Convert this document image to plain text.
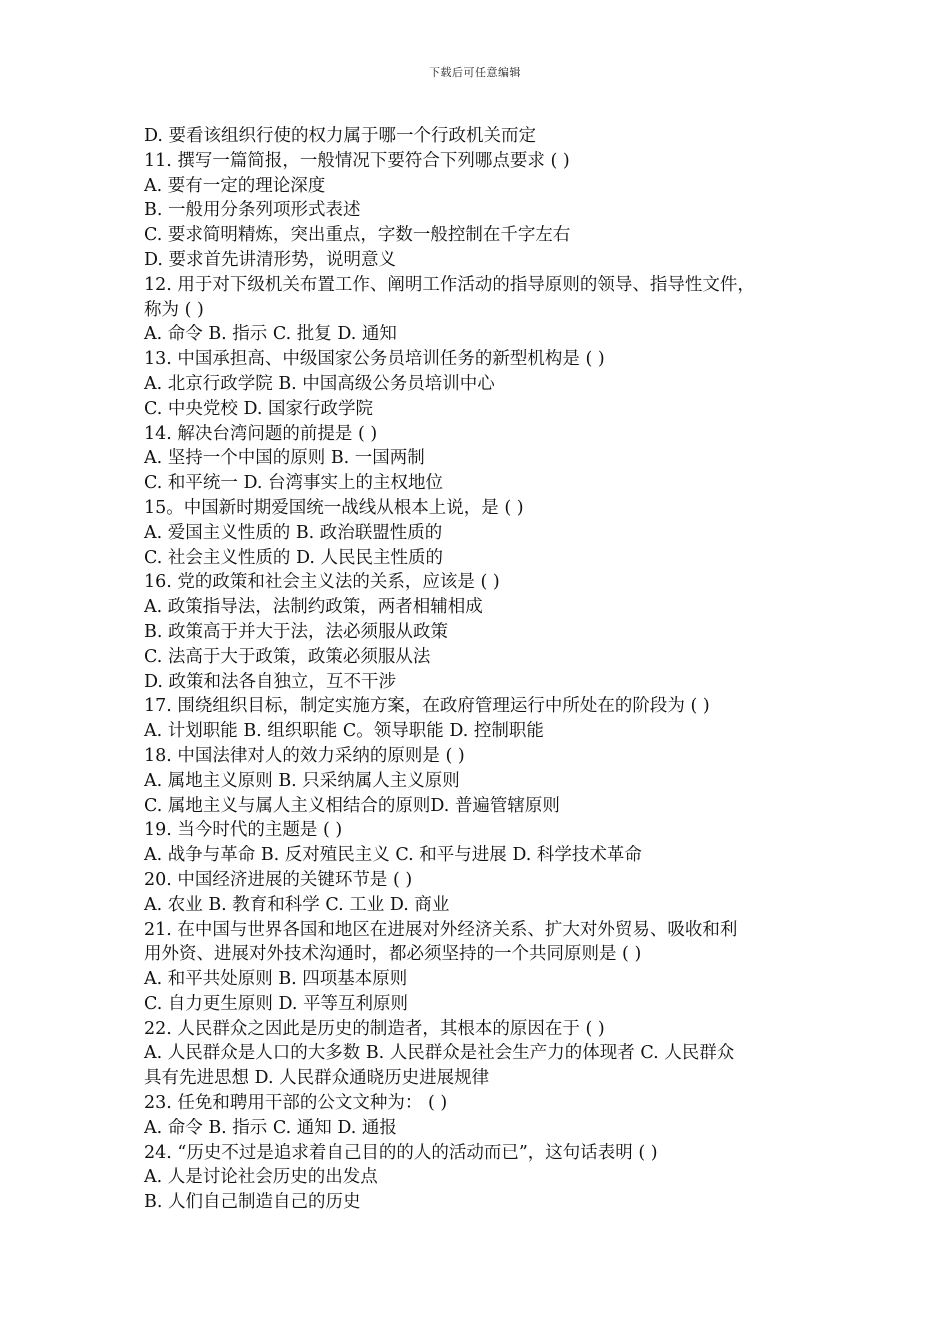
下载后可任意编辑
D. 要看该组织行使的权力属于哪一个行政机关而定
11. 撰写一篇简报，一般情况下要符合下列哪点要求 ( )
A. 要有一定的理论深度
B. 一般用分条列项形式表述
C. 要求简明精炼，突出重点，字数一般控制在千字左右
D. 要求首先讲清形势，说明意义
12. 用于对下级机关布置工作、阐明工作活动的指导原则的领导、指导性文件，
称为 ( )
A. 命令 B. 指示 C. 批复 D. 通知
13. 中国承担高、中级国家公务员培训任务的新型机构是 ( )
A. 北京行政学院 B. 中国高级公务员培训中心
C. 中央党校 D. 国家行政学院
14. 解决台湾问题的前提是 ( )
A. 坚持一个中国的原则 B. 一国两制
C. 和平统一 D. 台湾事实上的主权地位
15。中国新时期爱国统一战线从根本上说，是 ( )
A. 爱国主义性质的 B. 政治联盟性质的
C. 社会主义性质的 D. 人民民主性质的
16. 党的政策和社会主义法的关系，应该是 ( )
A. 政策指导法，法制约政策，两者相辅相成
B. 政策高于并大于法，法必须服从政策
C. 法高于大于政策，政策必须服从法
D. 政策和法各自独立，互不干涉
17. 围绕组织目标，制定实施方案，在政府管理运行中所处在的阶段为 ( )
A. 计划职能 B. 组织职能 C。领导职能 D. 控制职能
18. 中国法律对人的效力采纳的原则是 ( )
A. 属地主义原则 B. 只采纳属人主义原则
C. 属地主义与属人主义相结合的原则D. 普遍管辖原则
19. 当今时代的主题是 ( )
A. 战争与革命 B. 反对殖民主义 C. 和平与进展 D. 科学技术革命
20. 中国经济进展的关键环节是 ( )
A. 农业 B. 教育和科学 C. 工业 D. 商业
21. 在中国与世界各国和地区在进展对外经济关系、扩大对外贸易、吸收和利
用外资、进展对外技术沟通时，都必须坚持的一个共同原则是 ( )
A. 和平共处原则 B. 四项基本原则
C. 自力更生原则 D. 平等互利原则
22. 人民群众之因此是历史的制造者，其根本的原因在于 ( )
A. 人民群众是人口的大多数 B. 人民群众是社会生产力的体现者 C. 人民群众
具有先进思想 D. 人民群众通晓历史进展规律
23. 任免和聘用干部的公文文种为： ( )
A. 命令 B. 指示 C. 通知 D. 通报
24. “历史不过是追求着自己目的的人的活动而已”，这句话表明 ( )
A. 人是讨论社会历史的出发点
B. 人们自己制造自己的历史
